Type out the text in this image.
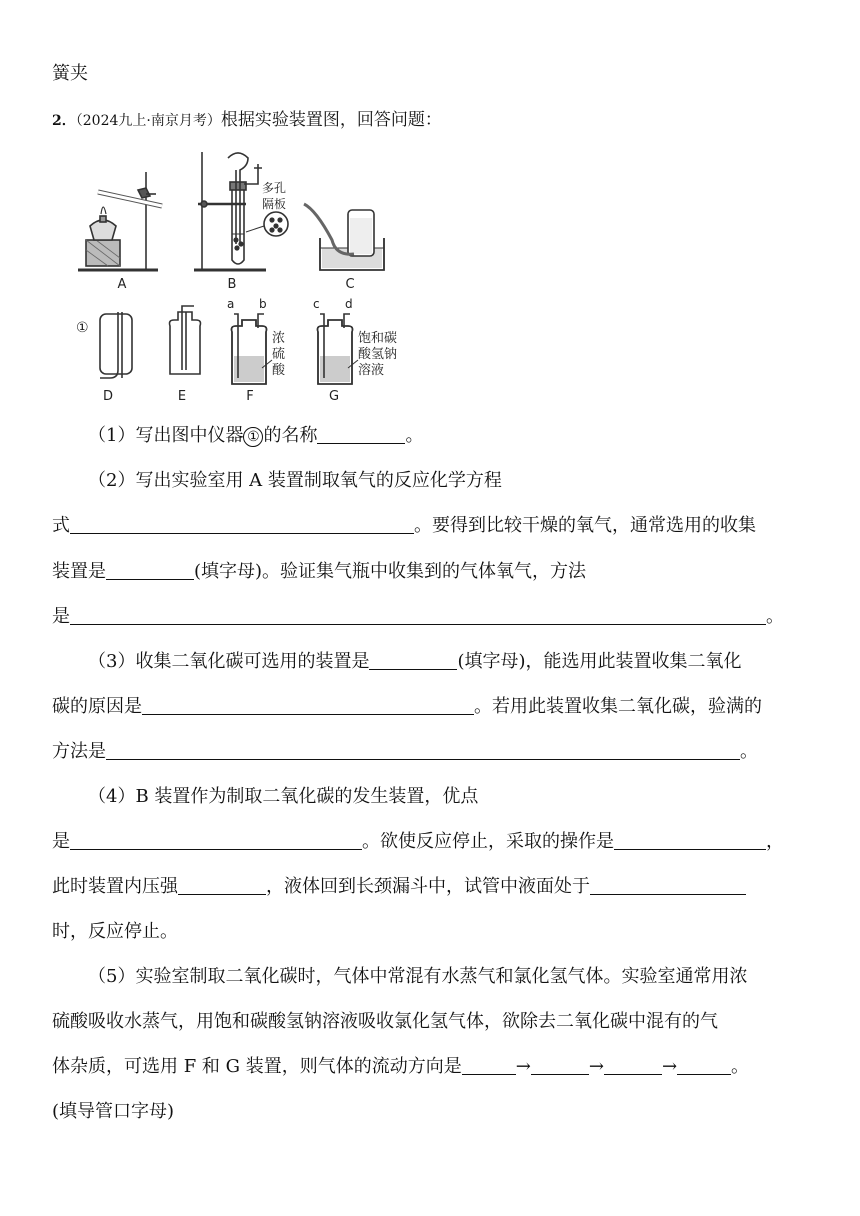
簧夹
2．（2024九上·南京月考）根据实验装置图，回答问题：
A	B	C
D	E	F	G
①
多孔
隔板
a b	c d
浓
硫
酸
饱和碳
酸氢钠
溶液
（1）写出图中仪器 ① 的名称	。
（2）写出实验室用 A 装置制取氧气的反应化学方程
式	。要得到比较干燥的氧气，通常选用的收集
装置是	(填字母)。验证集气瓶中收集到的气体氧气，方法
是	。
（3）收集二氧化碳可选用的装置是	(填字母)，能选用此装置收集二氧化
碳的原因是	。若用此装置收集二氧化碳，验满的
方法是	。
（4）B 装置作为制取二氧化碳的发生装置，优点
是	。欲使反应停止，采取的操作是	，
此时装置内压强	，液体回到长颈漏斗中，试管中液面处于
时，反应停止。
（5）实验室制取二氧化碳时，气体中常混有水蒸气和氯化氢气体。实验室通常用浓
硫酸吸收水蒸气，用饱和碳酸氢钠溶液吸收氯化氢气体，欲除去二氧化碳中混有的气
体杂质，可选用 F 和 G 装置，则气体的流动方向是	→	→	→	。
(填导管口字母)
